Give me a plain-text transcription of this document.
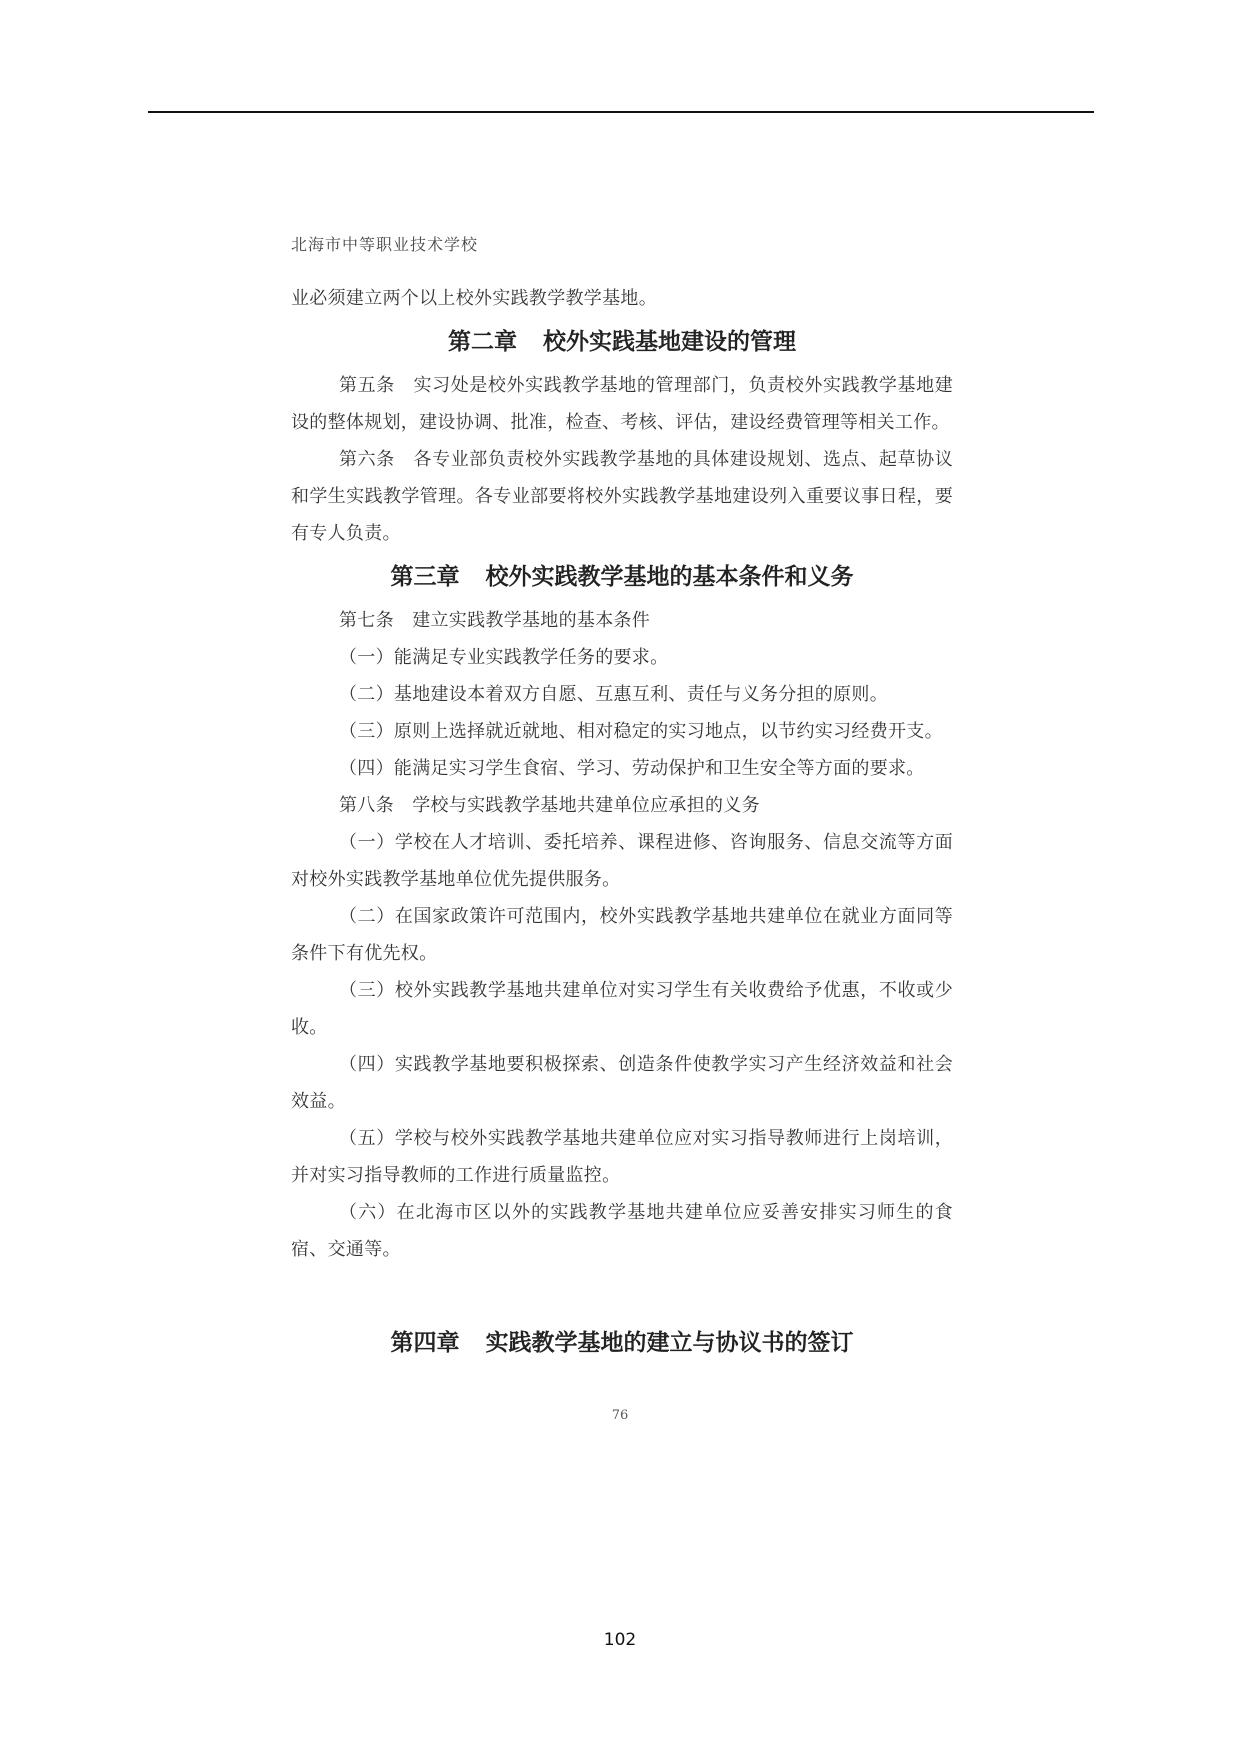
北海市中等职业技术学校

业必须建立两个以上校外实践教学教学基地。

第二章 校外实践基地建设的管理

第五条　实习处是校外实践教学基地的管理部门，负责校外实践教学基地建设的整体规划，建设协调、批准，检查、考核、评估，建设经费管理等相关工作。

第六条　各专业部负责校外实践教学基地的具体建设规划、选点、起草协议和学生实践教学管理。各专业部要将校外实践教学基地建设列入重要议事日程，要有专人负责。

第三章 校外实践教学基地的基本条件和义务

第七条　建立实践教学基地的基本条件

（一）能满足专业实践教学任务的要求。

（二）基地建设本着双方自愿、互惠互利、责任与义务分担的原则。

（三）原则上选择就近就地、相对稳定的实习地点，以节约实习经费开支。

（四）能满足实习学生食宿、学习、劳动保护和卫生安全等方面的要求。

第八条　学校与实践教学基地共建单位应承担的义务

（一）学校在人才培训、委托培养、课程进修、咨询服务、信息交流等方面对校外实践教学基地单位优先提供服务。

（二）在国家政策许可范围内，校外实践教学基地共建单位在就业方面同等条件下有优先权。

（三）校外实践教学基地共建单位对实习学生有关收费给予优惠，不收或少收。

（四）实践教学基地要积极探索、创造条件使教学实习产生经济效益和社会效益。

（五）学校与校外实践教学基地共建单位应对实习指导教师进行上岗培训，并对实习指导教师的工作进行质量监控。

（六）在北海市区以外的实践教学基地共建单位应妥善安排实习师生的食宿、交通等。

第四章 实践教学基地的建立与协议书的签订
76
102
